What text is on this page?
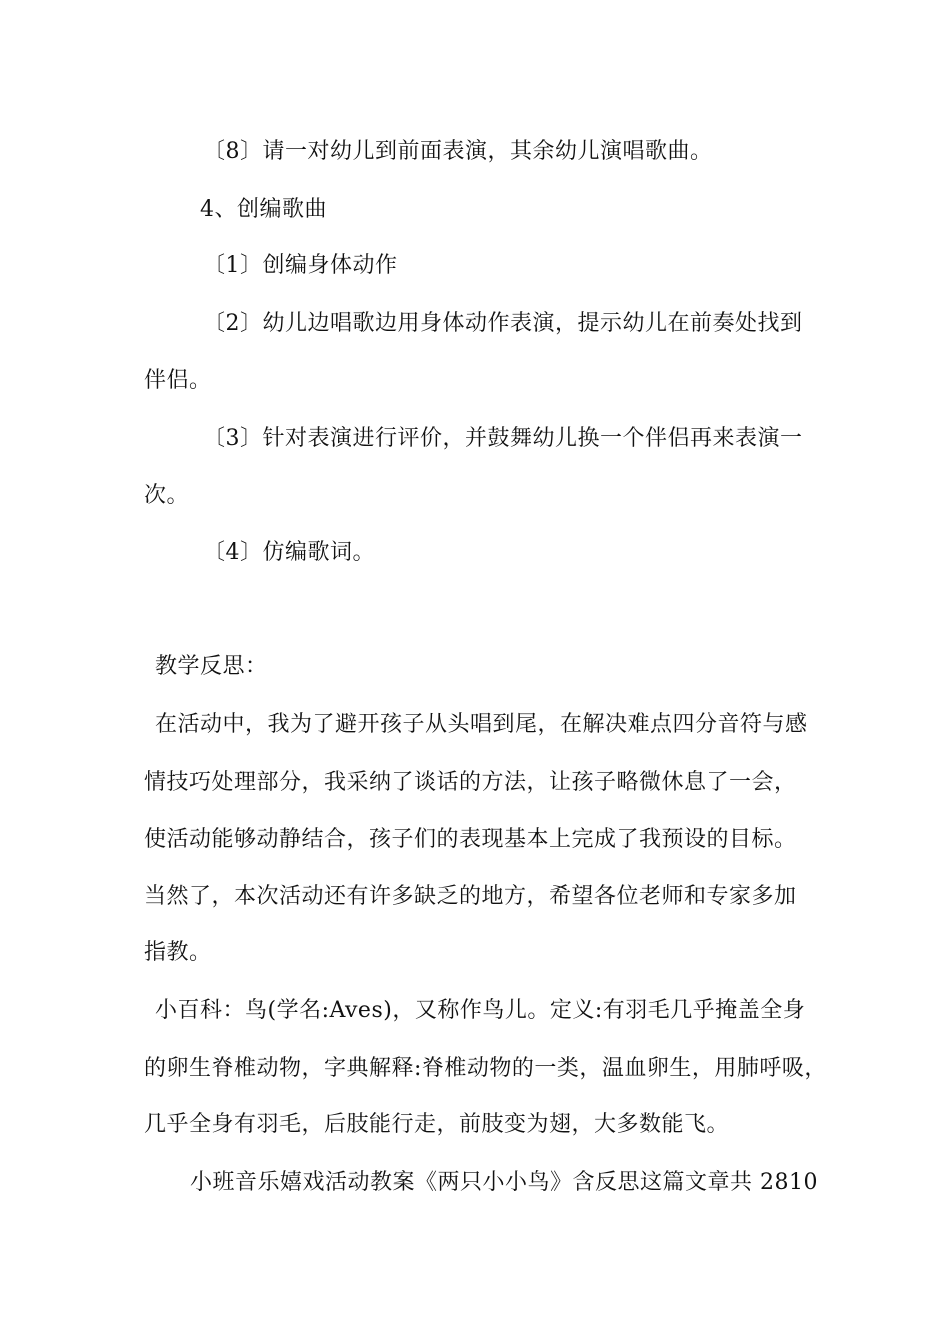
〔8〕请一对幼儿到前面表演，其余幼儿演唱歌曲。
4、创编歌曲
〔1〕创编身体动作
〔2〕幼儿边唱歌边用身体动作表演，提示幼儿在前奏处找到
伴侣。
〔3〕针对表演进行评价，并鼓舞幼儿换一个伴侣再来表演一
次。
〔4〕仿编歌词。
教学反思：
在活动中，我为了避开孩子从头唱到尾，在解决难点四分音符与感
情技巧处理部分，我采纳了谈话的方法，让孩子略微休息了一会，
使活动能够动静结合，孩子们的表现基本上完成了我预设的目标。
当然了，本次活动还有许多缺乏的地方，希望各位老师和专家多加
指教。
小百科：鸟(学名:Aves)，又称作鸟儿。定义:有羽毛几乎掩盖全身
的卵生脊椎动物，字典解释:脊椎动物的一类，温血卵生，用肺呼吸，
几乎全身有羽毛，后肢能行走，前肢变为翅，大多数能飞。
小班音乐嬉戏活动教案《两只小小鸟》含反思这篇文章共 2810
